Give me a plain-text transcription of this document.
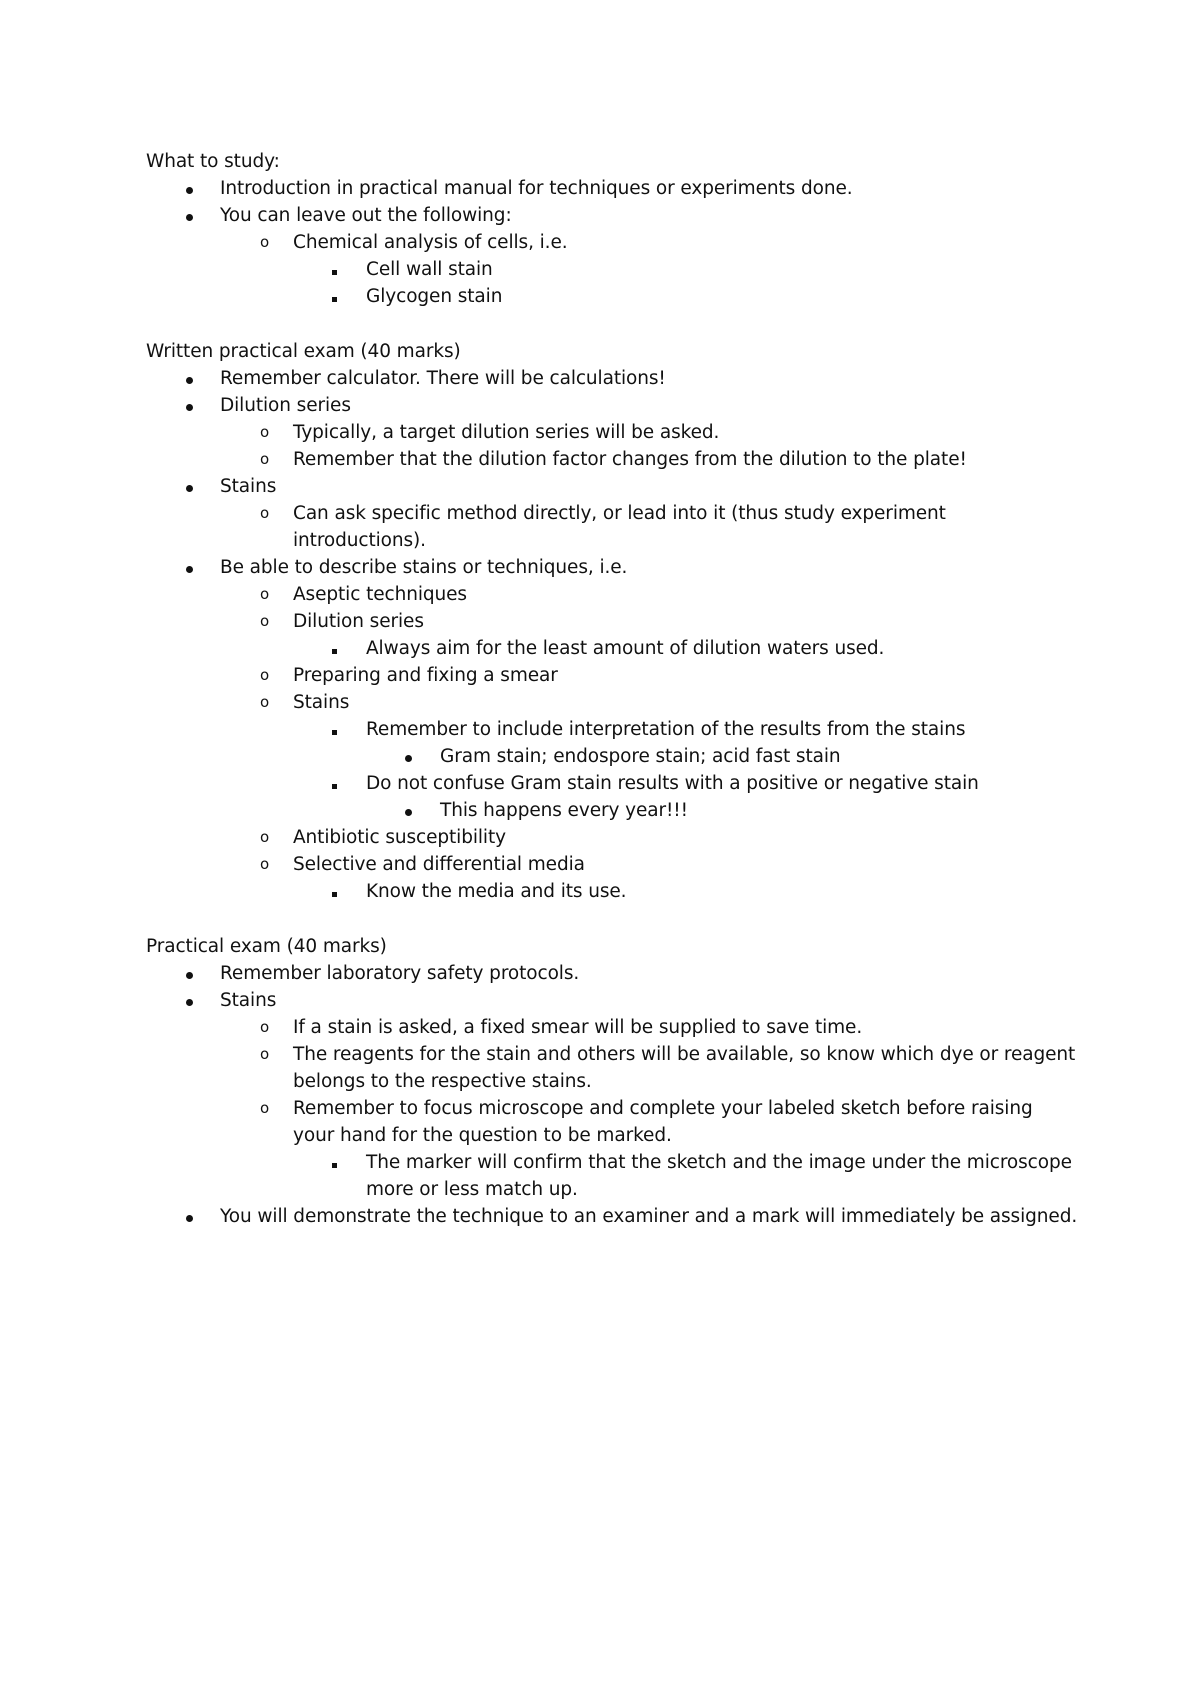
What to study:
Introduction in practical manual for techniques or experiments done.
You can leave out the following:
o Chemical analysis of cells, i.e.
Cell wall stain
Glycogen stain
Written practical exam (40 marks)
Remember calculator. There will be calculations!
Dilution series
o Typically, a target dilution series will be asked.
o Remember that the dilution factor changes from the dilution to the plate!
Stains
o Can ask specific method directly, or lead into it (thus study experiment
introductions).
Be able to describe stains or techniques, i.e.
o Aseptic techniques
o Dilution series
Always aim for the least amount of dilution waters used.
o Preparing and fixing a smear
o Stains
Remember to include interpretation of the results from the stains
Gram stain; endospore stain; acid fast stain
Do not confuse Gram stain results with a positive or negative stain
This happens every year!!!
o Antibiotic susceptibility
o Selective and differential media
Know the media and its use.
Practical exam (40 marks)
Remember laboratory safety protocols.
Stains
o If a stain is asked, a fixed smear will be supplied to save time.
o The reagents for the stain and others will be available, so know which dye or reagent
belongs to the respective stains.
o Remember to focus microscope and complete your labeled sketch before raising
your hand for the question to be marked.
The marker will confirm that the sketch and the image under the microscope
more or less match up.
You will demonstrate the technique to an examiner and a mark will immediately be assigned.
